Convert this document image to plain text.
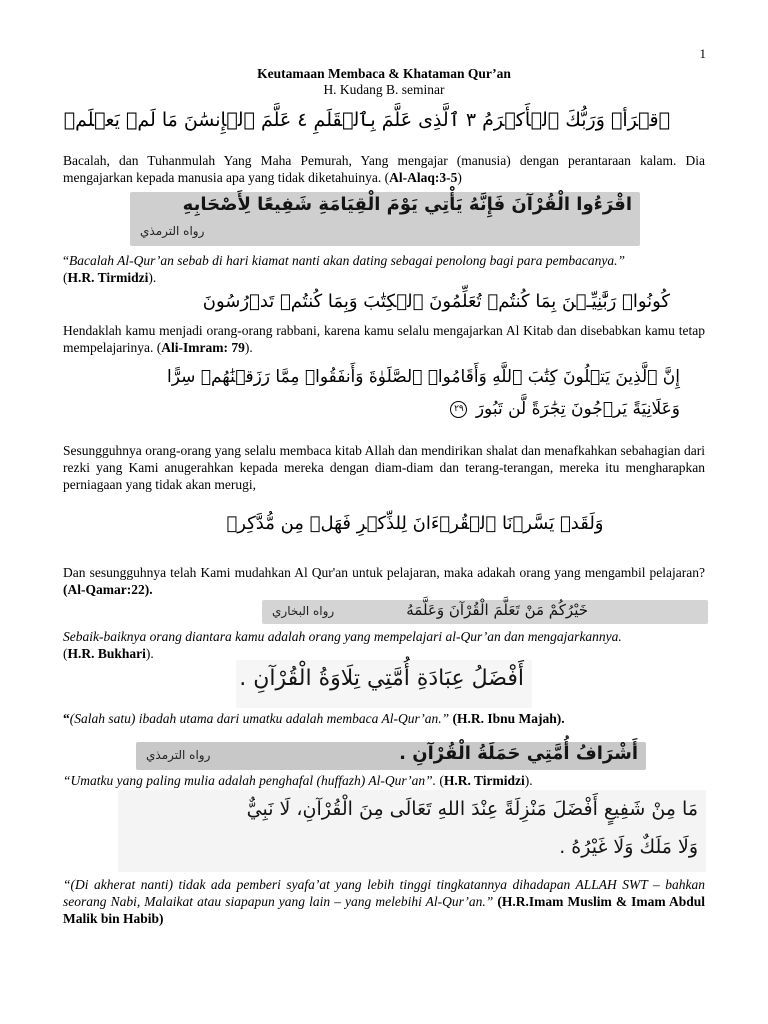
1
Keutamaan Membaca & Khataman Qur’an
H. Kudang B. seminar
ٱقۡرَأۡ وَرَبُّكَ ٱلۡأَكۡرَمُ ٣ ٱلَّذِى عَلَّمَ بِٱلۡقَلَمِ ٤ عَلَّمَ ٱلۡإِنسَٰنَ مَا لَمۡ يَعۡلَمۡ

Bacalah, dan Tuhanmulah Yang Maha Pemurah, Yang mengajar (manusia) dengan perantaraan kalam. Dia mengajarkan kepada manusia apa yang tidak diketahuinya. (Al-Alaq:3-5)

اقْرَءُوا الْقُرْآنَ فَإِنَّهُ يَأْتِي يَوْمَ الْقِيَامَةِ شَفِيعًا لِأَصْحَابِهِ
رواه الترمذي

“Bacalah Al-Qur’an sebab di hari kiamat nanti akan dating sebagai penolong bagi para pembacanya.”
(H.R. Tirmidzi).

كُونُوا۟ رَبَّٰنِيِّـۧنَ بِمَا كُنتُمۡ تُعَلِّمُونَ ٱلۡكِتَٰبَ وَبِمَا كُنتُمۡ تَدۡرُسُونَ

Hendaklah kamu menjadi orang-orang rabbani, karena kamu selalu mengajarkan Al Kitab dan disebabkan kamu tetap mempelajarinya. (Ali-Imram: 79).

إِنَّ ٱلَّذِينَ يَتۡلُونَ كِتَٰبَ ٱللَّهِ وَأَقَامُوا۟ ٱلصَّلَوٰةَ وَأَنفَقُوا۟ مِمَّا رَزَقۡنَٰهُمۡ سِرًّا
وَعَلَانِيَةً يَرۡجُونَ تِجَٰرَةً لَّن تَبُورَ ٢٩

Sesungguhnya orang-orang yang selalu membaca kitab Allah dan mendirikan shalat dan menafkahkan sebahagian dari rezki yang Kami anugerahkan kepada mereka dengan diam-diam dan terang-terangan, mereka itu mengharapkan perniagaan yang tidak akan merugi,

وَلَقَدۡ يَسَّرۡنَا ٱلۡقُرۡءَانَ لِلذِّكۡرِ فَهَلۡ مِن مُّدَّكِرٖ

Dan sesungguhnya telah Kami mudahkan Al Qur'an untuk pelajaran, maka adakah orang yang mengambil pelajaran? (Al-Qamar:22).

خَيْرُكُمْ مَنْ تَعَلَّمَ الْقُرْآنَ وَعَلَّمَهُ
رواه البخاري

Sebaik-baiknya orang diantara kamu adalah orang yang mempelajari al-Qur’an dan mengajarkannya.
(H.R. Bukhari).

أَفْضَلُ عِبَادَةِ أُمَّتِي تِلَاوَةُ الْقُرْآنِ .

“(Salah satu) ibadah utama dari umatku adalah membaca Al-Qur’an.” (H.R. Ibnu Majah).

أَشْرَافُ أُمَّتِي حَمَلَةُ الْقُرْآنِ .
رواه الترمذي

“Umatku yang paling mulia adalah penghafal (huffazh) Al-Qur’an”. (H.R. Tirmidzi).

مَا مِنْ شَفِيعٍ أَفْضَلَ مَنْزِلَةً عِنْدَ اللهِ تَعَالَى مِنَ الْقُرْآنِ، لَا نَبِيٌّ
وَلَا مَلَكٌ وَلَا غَيْرُهُ .

“(Di akherat nanti) tidak ada pemberi syafa’at yang lebih tinggi tingkatannya dihadapan ALLAH SWT – bahkan seorang Nabi, Malaikat atau siapapun yang lain – yang melebihi Al-Qur’an.” (H.R.Imam Muslim & Imam Abdul Malik bin Habib)
